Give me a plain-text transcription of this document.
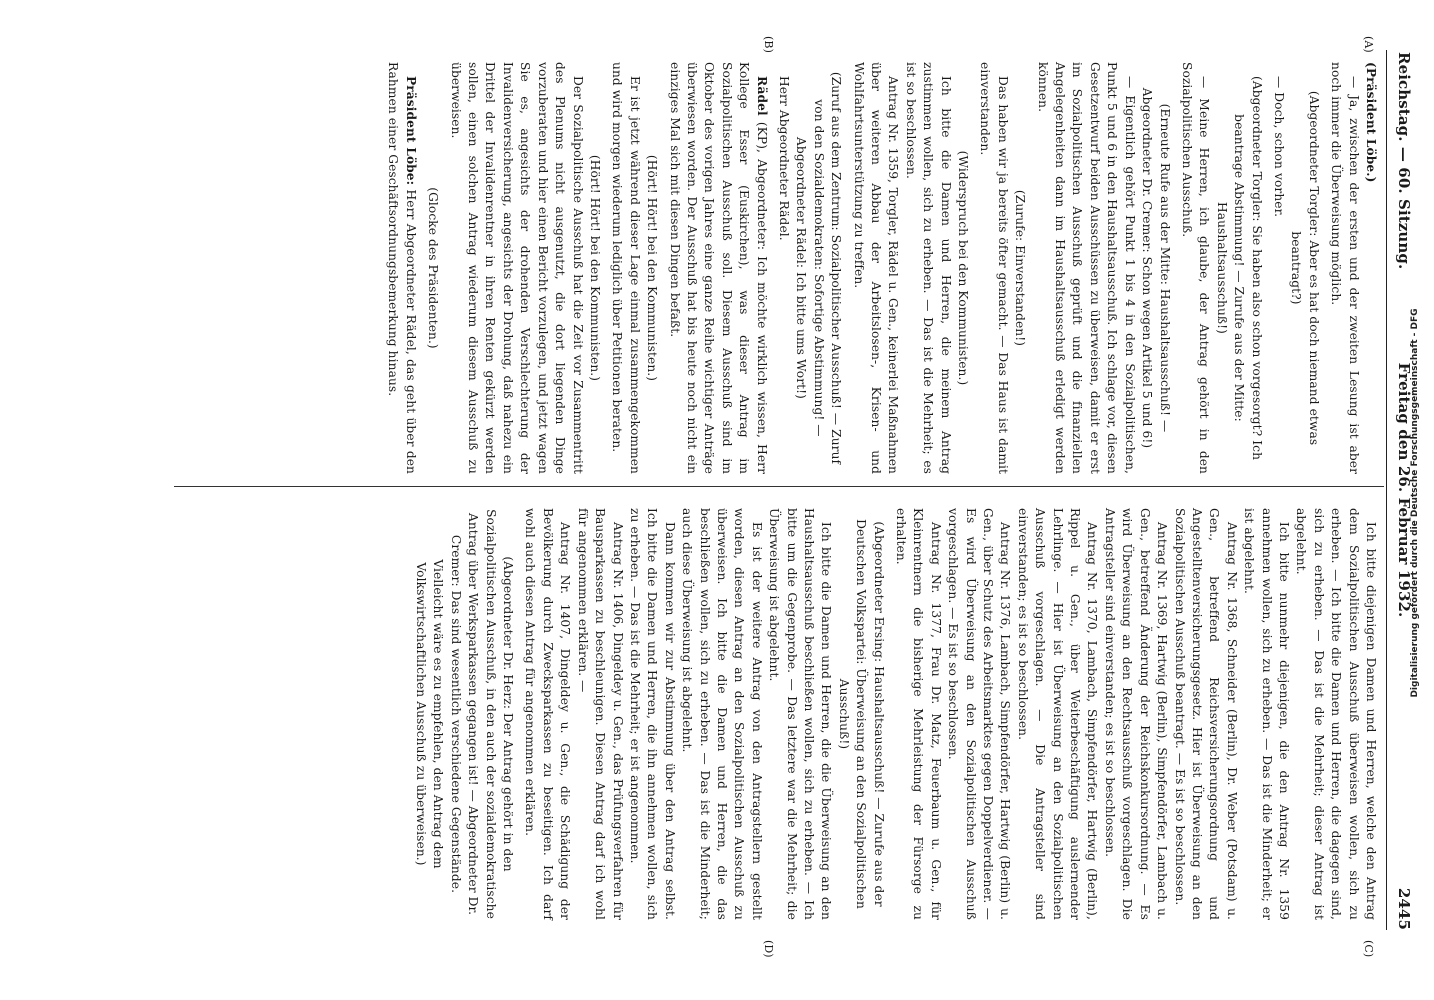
Reichstag. — 60. Sitzung.
Freitag den 26. Februar 1932.
2445
(A)
(B)
(C)
(D)

(Präsident Löbe.)

— Ja, zwischen der ersten und der zweiten Lesung ist aber noch immer die Überweisung möglich.

(Abgeordneter Torgler: Aber es hat doch niemand etwas beantragt?)

— Doch, schon vorher.

(Abgeordneter Torgler: Sie haben also schon vorgesorgt? Ich beantrage Abstimmung! — Zurufe aus der Mitte: Haushaltsausschuß!)

— Meine Herren, ich glaube, der Antrag gehört in den Sozialpolitischen Ausschuß.

(Erneute Rufe aus der Mitte: Haushaltsausschuß! — Abgeordneter Dr. Cremer: Schon wegen Artikel 5 und 6!)

— Eigentlich gehört Punkt 1 bis 4 in den Sozialpolitischen, Punkt 5 und 6 in den Haushaltsausschuß. Ich schlage vor, diesen Gesetzentwurf beiden Ausschüssen zu überweisen, damit er erst im Sozialpolitischen Ausschuß geprüft und die finanziellen Angelegenheiten dann im Haushaltsausschuß erledigt werden können.

(Zurufe: Einverstanden!)

Das haben wir ja bereits öfter gemacht. — Das Haus ist damit einverstanden.

(Widerspruch bei den Kommunisten.)

Ich bitte die Damen und Herren, die meinem Antrag zustimmen wollen, sich zu erheben. — Das ist die Mehrheit; es ist so beschlossen.

Antrag Nr. 1359, Torgler, Rädel u. Gen., keinerlei Maßnahmen über weiteren Abbau der Arbeitslosen-, Krisen- und Wohlfahrtsunterstützung zu treffen.

(Zuruf aus dem Zentrum: Sozialpolitischer Ausschuß! — Zuruf von den Sozialdemokraten: Sofortige Abstimmung! — Abgeordneter Rädel: Ich bitte ums Wort!)

Herr Abgeordneter Rädel.

Rädel (KP), Abgeordneter: Ich möchte wirklich wissen, Herr Kollege Esser (Euskirchen), was dieser Antrag im Sozialpolitischen Ausschuß soll. Diesem Ausschuß sind im Oktober des vorigen Jahres eine ganze Reihe wichtiger Anträge überwiesen worden. Der Ausschuß hat bis heute noch nicht ein einziges Mal sich mit diesen Dingen befaßt.

(Hört! Hört! bei den Kommunisten.)

Er ist jetzt während dieser Lage einmal zusammengekommen und wird morgen wiederum lediglich über Petitionen beraten.

(Hört! Hört! bei den Kommunisten.)

Der Sozialpolitische Ausschuß hat die Zeit vor Zusammentritt des Plenums nicht ausgenutzt, die dort liegenden Dinge vorzuberaten und hier einen Bericht vorzulegen, und jetzt wagen Sie es, angesichts der drohenden Verschlechterung der Invalidenversicherung, angesichts der Drohung, daß nahezu ein Drittel der Invalidenrentner in ihren Renten gekürzt werden sollen, einen solchen Antrag wiederum diesem Ausschuß zu überweisen.

(Glocke des Präsidenten.)

Präsident Löbe: Herr Abgeordneter Rädel, das geht über den Rahmen einer Geschäftsordnungsbemerkung hinaus.

Ich bitte diejenigen Damen und Herren, welche den Antrag dem Sozialpolitischen Ausschuß überweisen wollen, sich zu erheben. — Ich bitte die Damen und Herren, die dagegen sind, sich zu erheben. — Das ist die Mehrheit; dieser Antrag ist abgelehnt.

Ich bitte nunmehr diejenigen, die den Antrag Nr. 1359 annehmen wollen, sich zu erheben. — Das ist die Minderheit; er ist abgelehnt.

Antrag Nr. 1368, Schneider (Berlin), Dr. Weber (Potsdam) u. Gen., betreffend Reichsversicherungsordnung und Angestelltenversicherungsgesetz. Hier ist Überweisung an den Sozialpolitischen Ausschuß beantragt. — Es ist so beschlossen.

Antrag Nr. 1369, Hartwig (Berlin), Simpfendörfer, Lambach u. Gen., betreffend Änderung der Reichskonkursordnung. — Es wird Überweisung an den Rechtsausschuß vorgeschlagen. Die Antragsteller sind einverstanden; es ist so beschlossen.

Antrag Nr. 1370, Lambach, Simpfendörfer, Hartwig (Berlin), Rippel u. Gen., über Weiterbeschäftigung auslernender Lehrlinge. — Hier ist Überweisung an den Sozialpolitischen Ausschuß vorgeschlagen. — Die Antragsteller sind einverstanden; es ist so beschlossen.

Antrag Nr. 1376, Lambach, Simpfendörfer, Hartwig (Berlin) u. Gen., über Schutz des Arbeitsmarktes gegen Doppelverdiener. — Es wird Überweisung an den Sozialpolitischen Ausschuß vorgeschlagen. — Es ist so beschlossen.

Antrag Nr. 1377, Frau Dr. Matz, Feuerbaum u. Gen., für Kleinrentnern die bisherige Mehrleistung der Fürsorge zu erhalten.

(Abgeordneter Ersing: Haushaltsausschuß! — Zurufe aus der Deutschen Volkspartei: Überweisung an den Sozialpolitischen Ausschuß!)

Ich bitte die Damen und Herren, die die Überweisung an den Haushaltsausschuß beschließen wollen, sich zu erheben. — Ich bitte um die Gegenprobe. — Das letztere war die Mehrheit; die Überweisung ist abgelehnt.

Es ist der weitere Antrag von den Antragstellern gestellt worden, diesen Antrag an den Sozialpolitischen Ausschuß zu überweisen. Ich bitte die Damen und Herren, die das beschließen wollen, sich zu erheben. — Das ist die Minderheit; auch diese Überweisung ist abgelehnt.

Dann kommen wir zur Abstimmung über den Antrag selbst. Ich bitte die Damen und Herren, die ihn annehmen wollen, sich zu erheben. — Das ist die Mehrheit; er ist angenommen.

Antrag Nr. 1406, Dingeldey u. Gen., das Prüfungsverfahren für Bausparkassen zu beschleunigen. Diesen Antrag darf ich wohl für angenommen erklären. —

Antrag Nr. 1407, Dingeldey u. Gen., die Schädigung der Bevölkerung durch Zwecksparkassen zu beseitigen. Ich darf wohl auch diesen Antrag für angenommen erklären.

(Abgeordneter Dr. Herz: Der Antrag gehört in den Sozialpolitischen Ausschuß, in den auch der sozialdemokratische Antrag über Werksparkassen gegangen ist! — Abgeordneter Dr. Cremer: Das sind wesentlich verschiedene Gegenstände. Vielleicht wäre es zu empfehlen, den Antrag dem Volkswirtschaftlichen Ausschuß zu überweisen.)

Digitalisierung gefördert durch die Deutsche Forschungsgemeinschaft - DFG
